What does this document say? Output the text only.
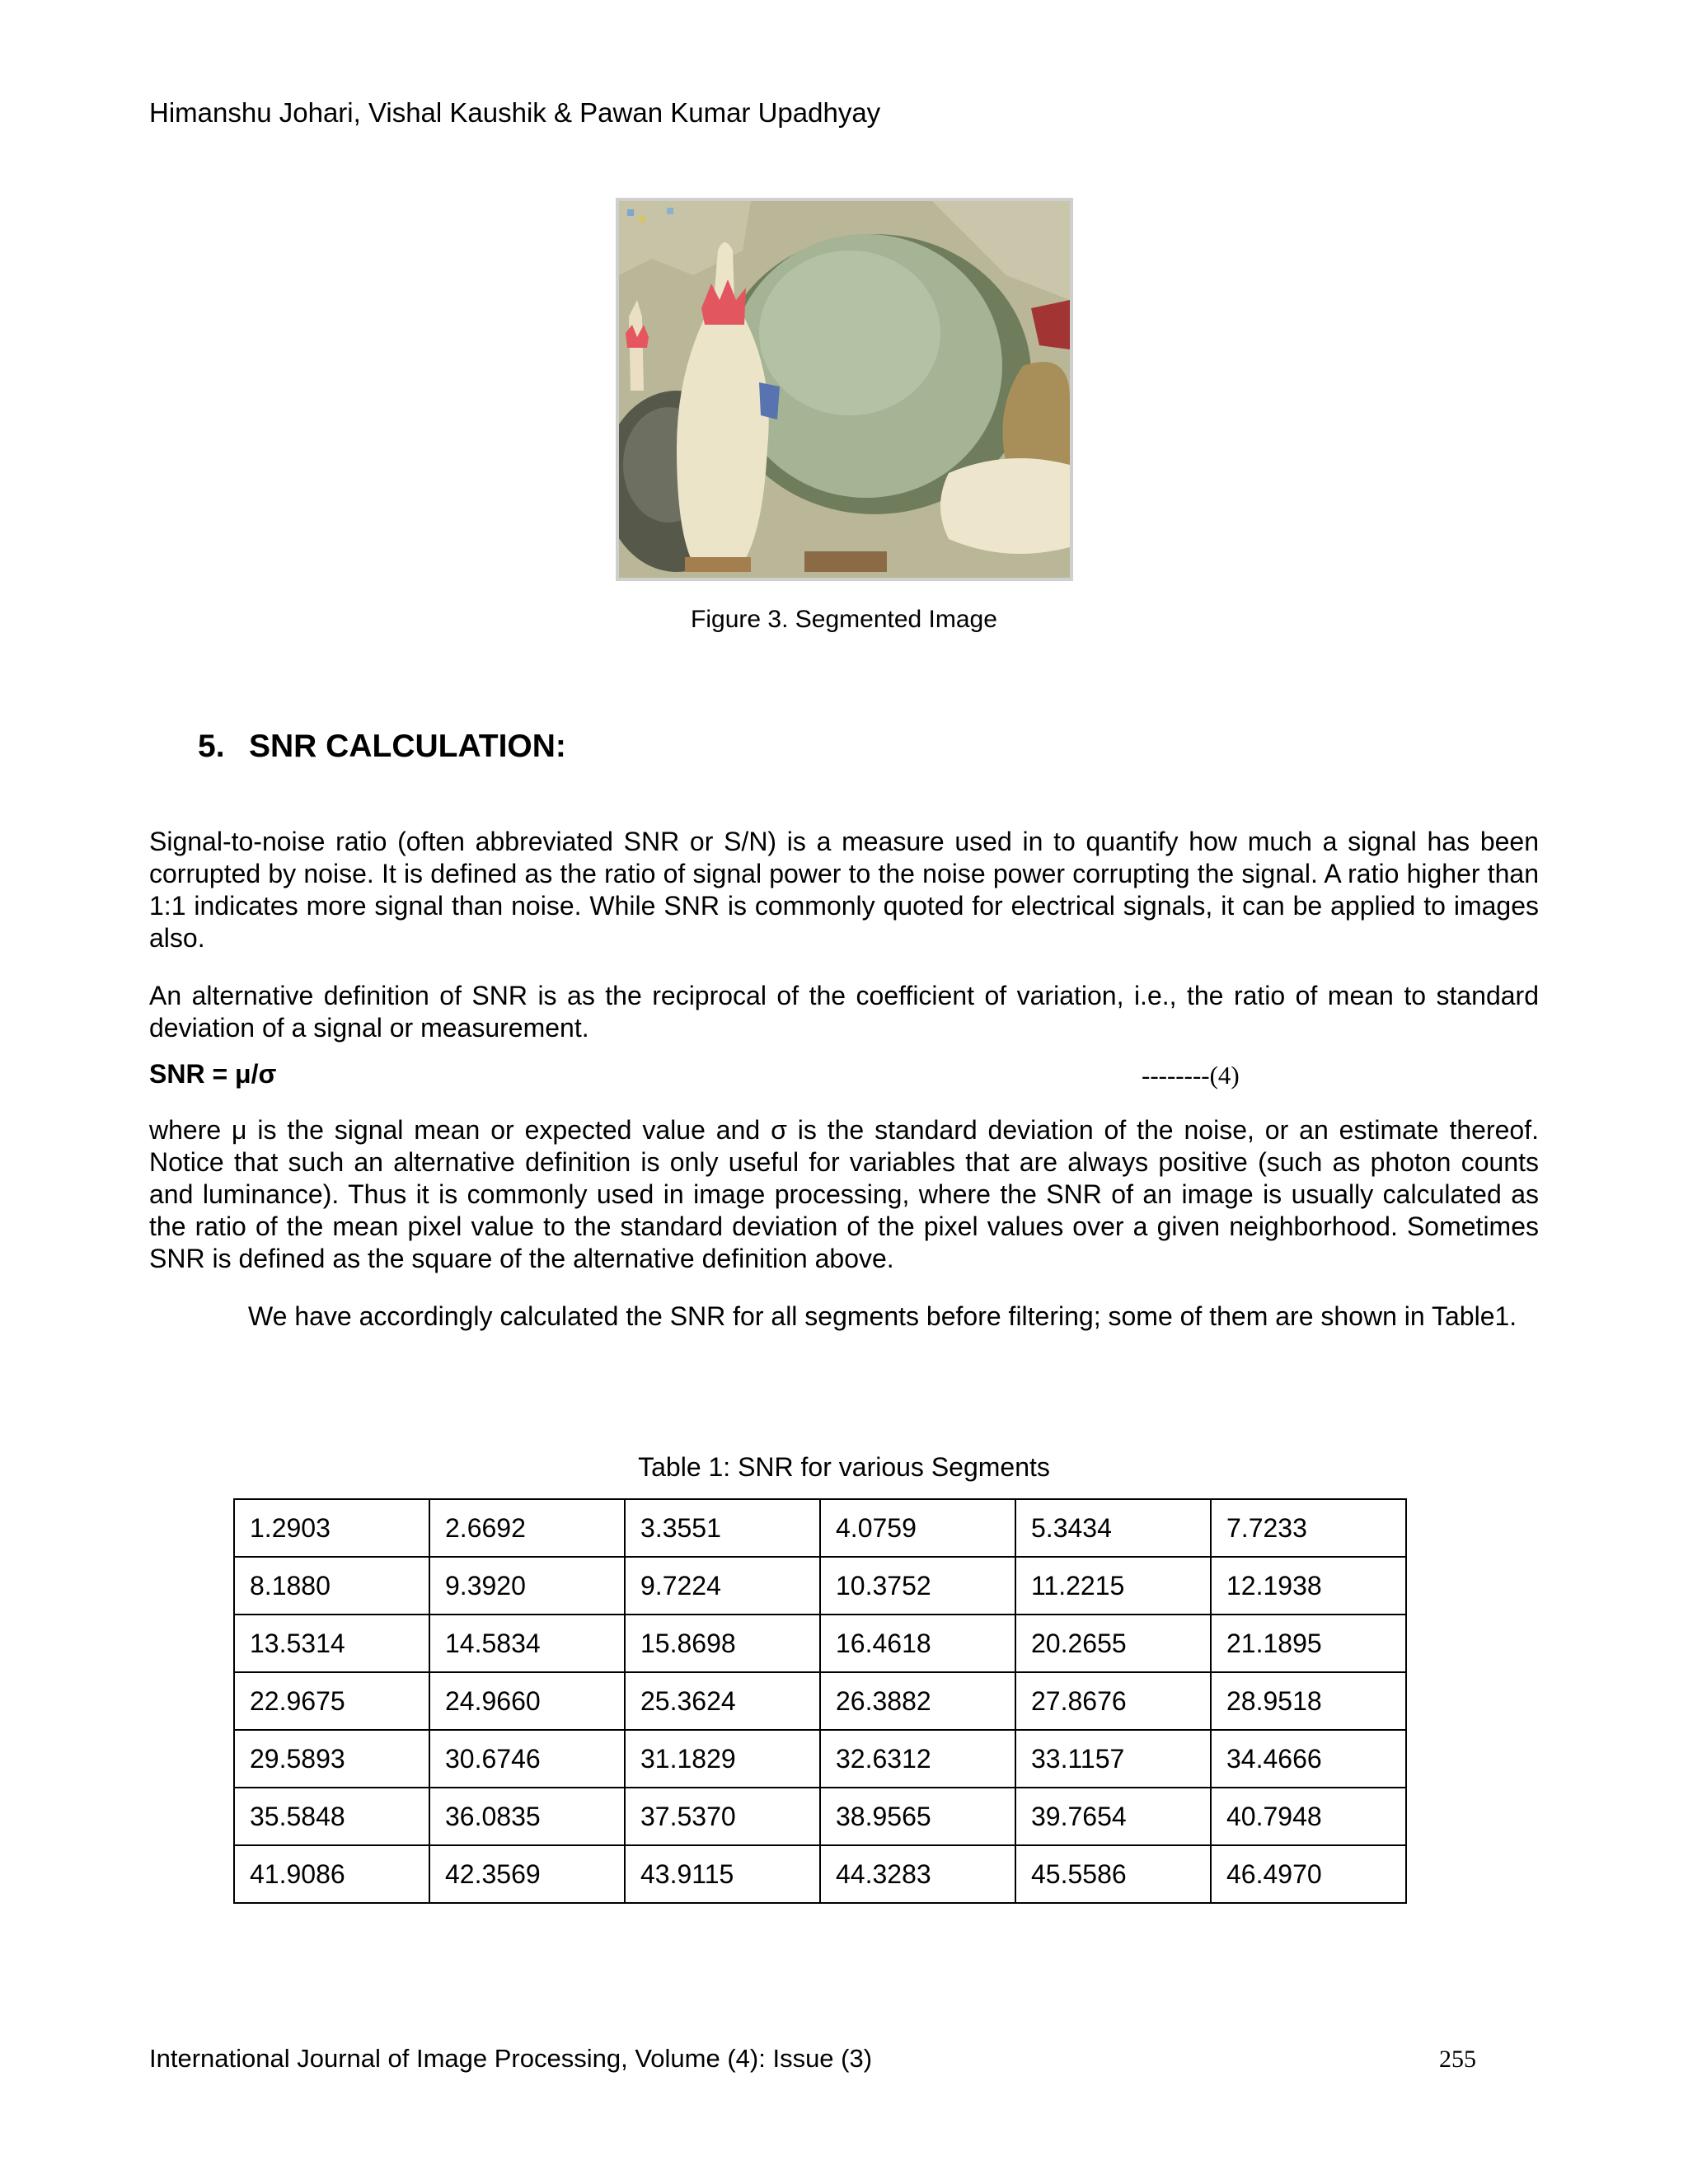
Himanshu Johari, Vishal Kaushik & Pawan Kumar Upadhyay
Figure 3. Segmented Image
5. SNR CALCULATION:
Signal-to-noise ratio (often abbreviated SNR or S/N) is a measure used in to quantify how much a signal has been corrupted by noise. It is defined as the ratio of signal power to the noise power corrupting the signal. A ratio higher than 1:1 indicates more signal than noise. While SNR is commonly quoted for electrical signals, it can be applied to images also.
An alternative definition of SNR is as the reciprocal of the coefficient of variation, i.e., the ratio of mean to standard deviation of a signal or measurement.
SNR = μ/σ	--------(4)
where μ is the signal mean or expected value and σ is the standard deviation of the noise, or an estimate thereof. Notice that such an alternative definition is only useful for variables that are always positive (such as photon counts and luminance). Thus it is commonly used in image processing, where the SNR of an image is usually calculated as the ratio of the mean pixel value to the standard deviation of the pixel values over a given neighborhood. Sometimes SNR is defined as the square of the alternative definition above.
We have accordingly calculated the SNR for all segments before filtering; some of them are shown in Table1.
Table 1: SNR for various Segments
1.2903	2.6692	3.3551	4.0759	5.3434	7.7233
8.1880	9.3920	9.7224	10.3752	11.2215	12.1938
13.5314	14.5834	15.8698	16.4618	20.2655	21.1895
22.9675	24.9660	25.3624	26.3882	27.8676	28.9518
29.5893	30.6746	31.1829	32.6312	33.1157	34.4666
35.5848	36.0835	37.5370	38.9565	39.7654	40.7948
41.9086	42.3569	43.9115	44.3283	45.5586	46.4970
International Journal of Image Processing, Volume (4): Issue (3)	255
